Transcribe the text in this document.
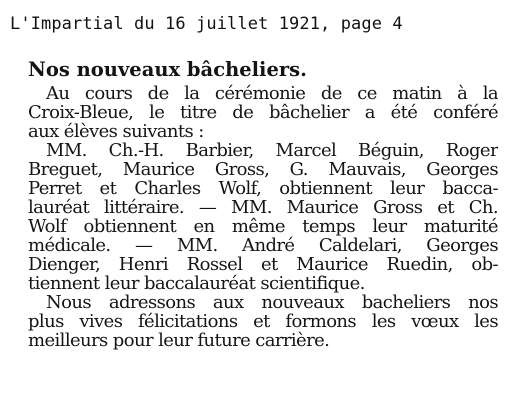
L'Impartial du 16 juillet 1921, page 4
Nos nouveaux bâcheliers.
Au cours de la cérémonie de ce matin à la
Croix-Bleue, le titre de bâchelier a été conféré
aux élèves suivants :
MM. Ch.-H. Barbier, Marcel Béguin, Roger
Breguet, Maurice Gross, G. Mauvais, Georges
Perret et Charles Wolf, obtiennent leur bacca-
lauréat littéraire. — MM. Maurice Gross et Ch.
Wolf obtiennent en même temps leur maturité
médicale. — MM. André Caldelari, Georges
Dienger, Henri Rossel et Maurice Ruedin, ob-
tiennent leur baccalauréat scientifique.
Nous adressons aux nouveaux bacheliers nos
plus vives félicitations et formons les vœux les
meilleurs pour leur future carrière.
